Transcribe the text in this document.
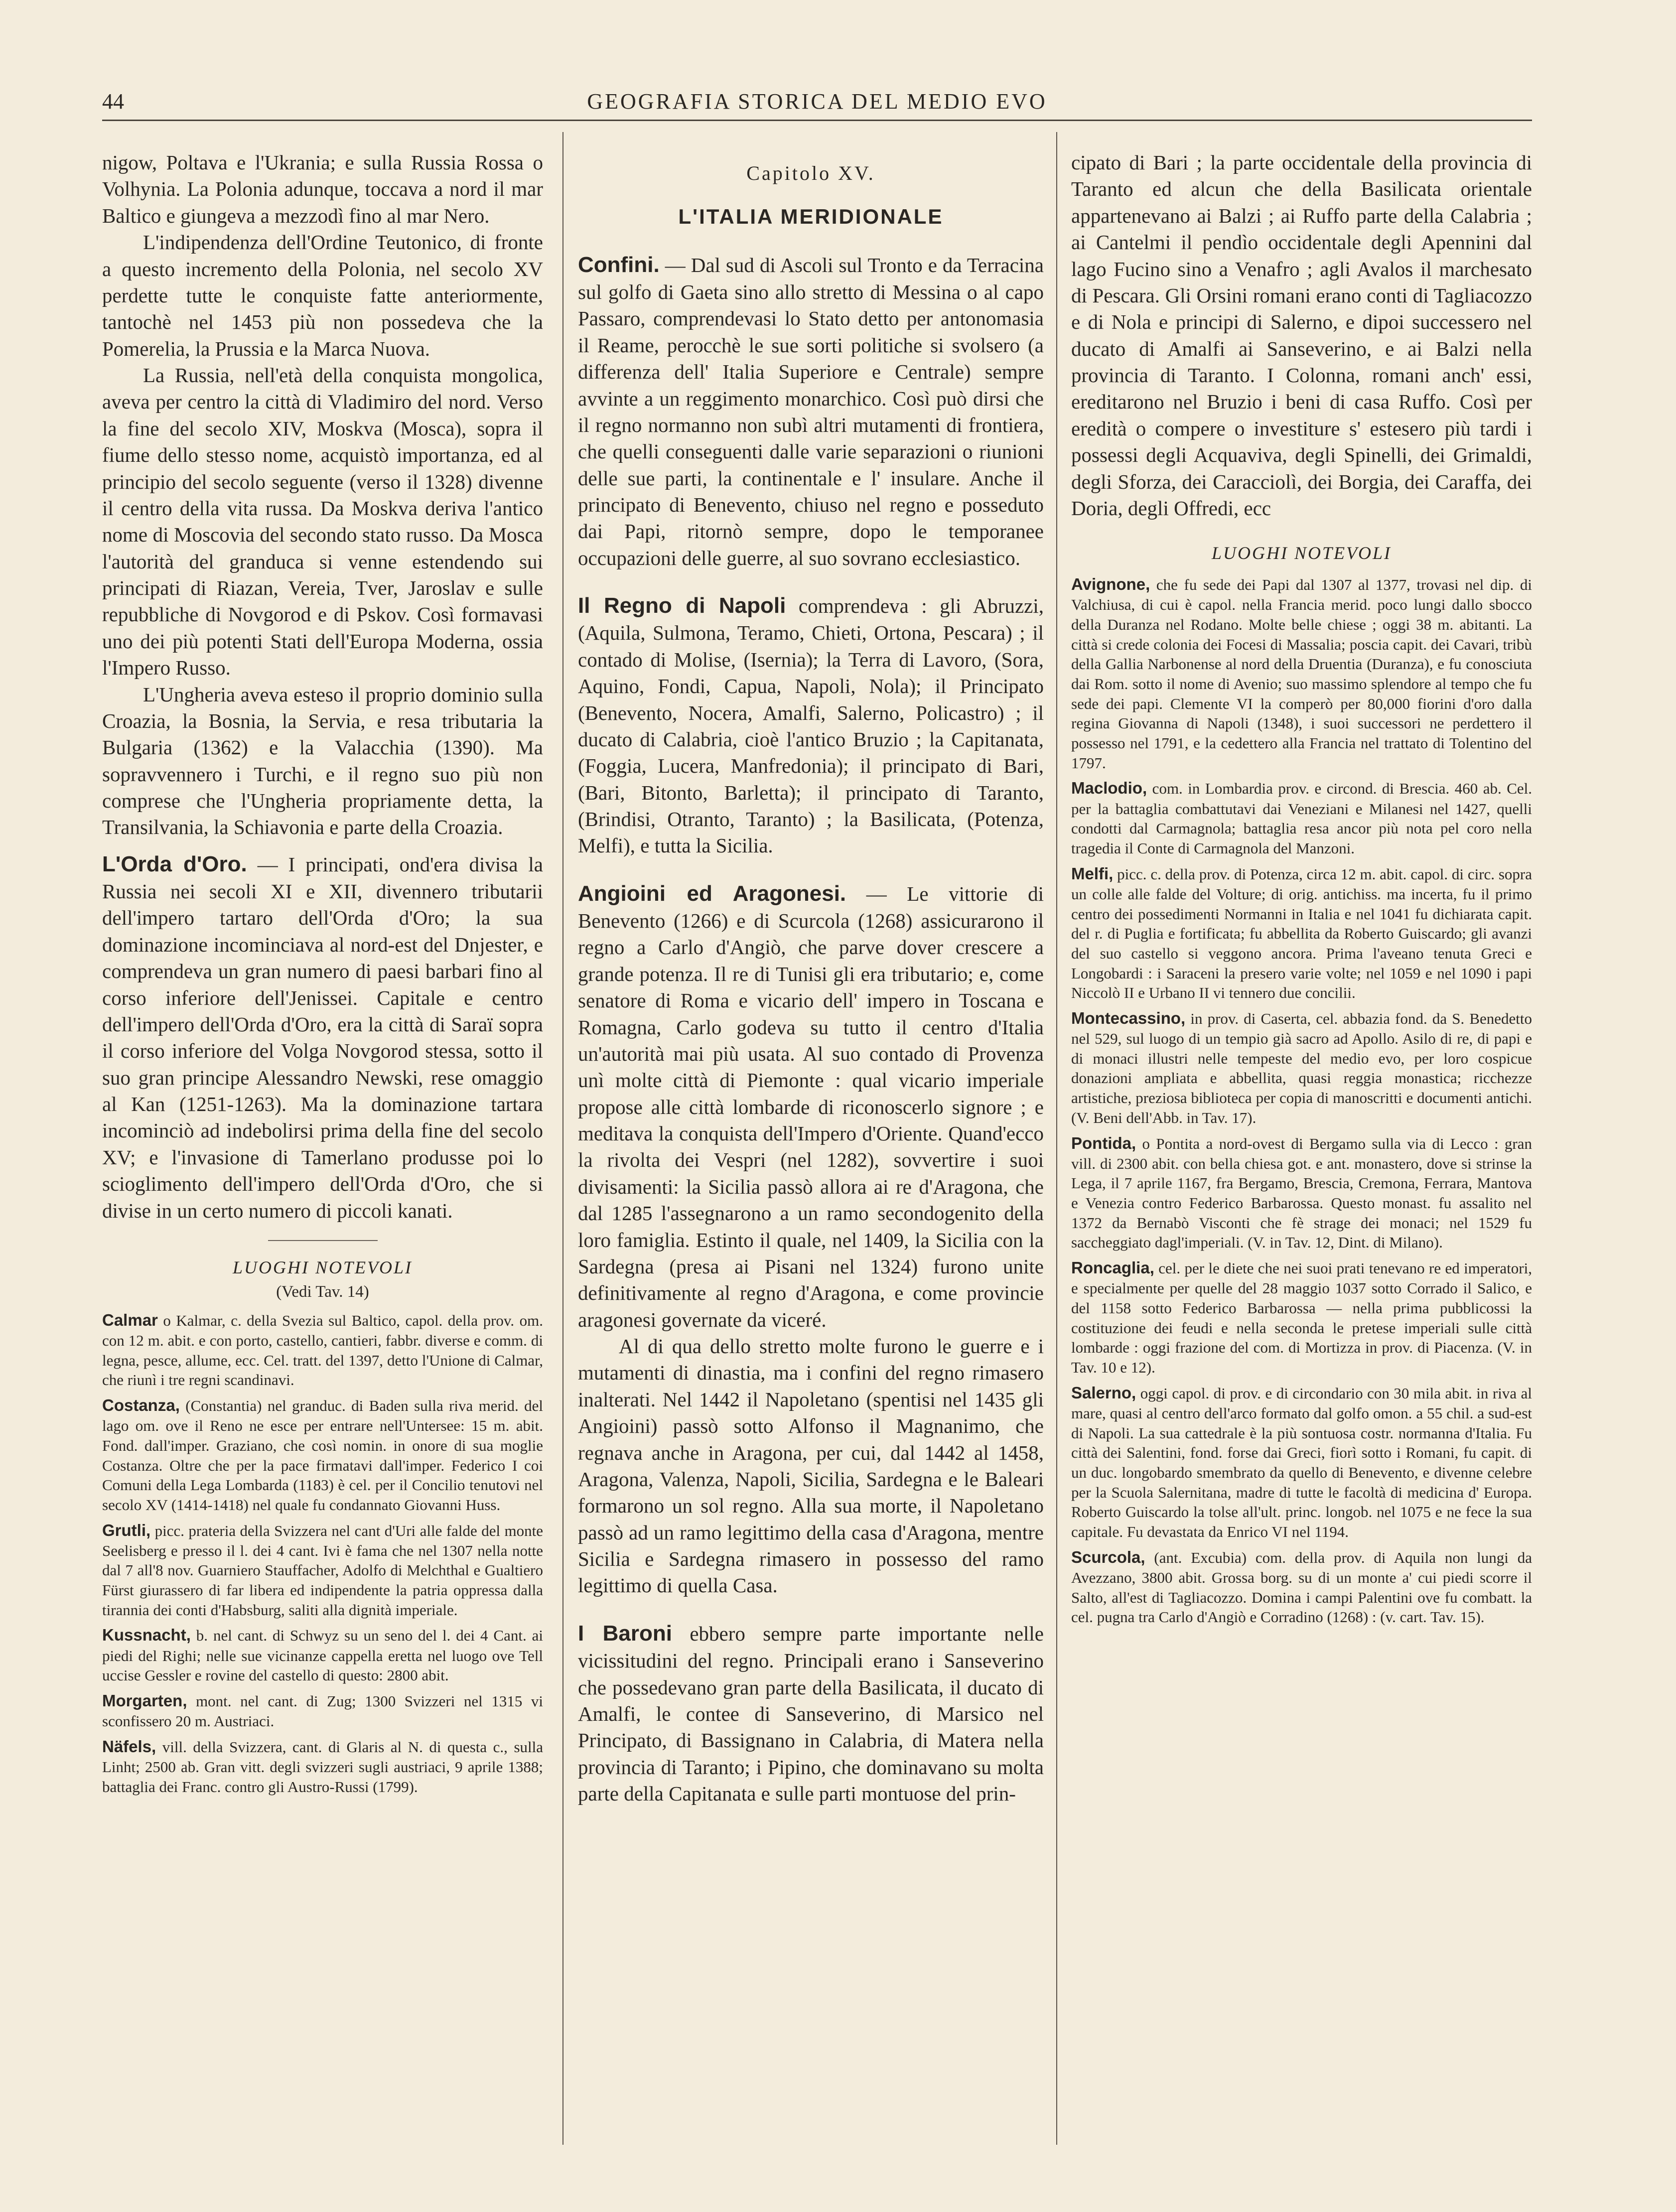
44	GEOGRAFIA STORICA DEL MEDIO EVO

nigow, Poltava e l'Ukrania; e sulla Russia Rossa o Volhynia. La Polonia adunque, toccava a nord il mar Baltico e giungeva a mezzodì fino al mar Nero.

L'indipendenza dell'Ordine Teutonico, di fronte a questo incremento della Polonia, nel secolo XV perdette tutte le conquiste fatte anteriormente, tantochè nel 1453 più non possedeva che la Pomerelia, la Prussia e la Marca Nuova.

La Russia, nell'età della conquista mongolica, aveva per centro la città di Vladimiro del nord. Verso la fine del secolo XIV, Moskva (Mosca), sopra il fiume dello stesso nome, acquistò importanza, ed al principio del secolo seguente (verso il 1328) divenne il centro della vita russa. Da Moskva deriva l'antico nome di Moscovia del secondo stato russo. Da Mosca l'autorità del granduca si venne estendendo sui principati di Riazan, Vereia, Tver, Jaroslav e sulle repubbliche di Novgorod e di Pskov. Così formavasi uno dei più potenti Stati dell'Europa Moderna, ossia l'Impero Russo.

L'Ungheria aveva esteso il proprio dominio sulla Croazia, la Bosnia, la Servia, e resa tributaria la Bulgaria (1362) e la Valacchia (1390). Ma sopravvennero i Turchi, e il regno suo più non comprese che l'Ungheria propriamente detta, la Transilvania, la Schiavonia e parte della Croazia.

L'Orda d'Oro. — I principati, ond'era divisa la Russia nei secoli XI e XII, divennero tributarii dell'impero tartaro dell'Orda d'Oro; la sua dominazione incominciava al nord-est del Dnjester, e comprendeva un gran numero di paesi barbari fino al corso inferiore dell'Jenissei. Capitale e centro dell'impero dell'Orda d'Oro, era la città di Saraï sopra il corso inferiore del Volga Novgorod stessa, sotto il suo gran principe Alessandro Newski, rese omaggio al Kan (1251-1263). Ma la dominazione tartara incominciò ad indebolirsi prima della fine del secolo XV; e l'invasione di Tamerlano produsse poi lo scioglimento dell'impero dell'Orda d'Oro, che si divise in un certo numero di piccoli kanati.

LUOGHI NOTEVOLI
(Vedi Tav. 14)

Calmar o Kalmar, c. della Svezia sul Baltico, capol. della prov. om. con 12 m. abit. e con porto, castello, cantieri, fabbr. diverse e comm. di legna, pesce, allume, ecc. Cel. tratt. del 1397, detto l'Unione di Calmar, che riunì i tre regni scandinavi.

Costanza, (Constantia) nel granduc. di Baden sulla riva merid. del lago om. ove il Reno ne esce per entrare nell'Untersee: 15 m. abit. Fond. dall'imper. Graziano, che così nomin. in onore di sua moglie Costanza. Oltre che per la pace firmatavi dall'imper. Federico I coi Comuni della Lega Lombarda (1183) è cel. per il Concilio tenutovi nel secolo XV (1414-1418) nel quale fu condannato Giovanni Huss.

Grutli, picc. prateria della Svizzera nel cant d'Uri alle falde del monte Seelisberg e presso il l. dei 4 cant. Ivi è fama che nel 1307 nella notte dal 7 all'8 nov. Guarniero Stauffacher, Adolfo di Melchthal e Gualtiero Fürst giurassero di far libera ed indipendente la patria oppressa dalla tirannia dei conti d'Habsburg, saliti alla dignità imperiale.

Kussnacht, b. nel cant. di Schwyz su un seno del l. dei 4 Cant. ai piedi del Righi; nelle sue vicinanze cappella eretta nel luogo ove Tell uccise Gessler e rovine del castello di questo: 2800 abit.

Morgarten, mont. nel cant. di Zug; 1300 Svizzeri nel 1315 vi sconfissero 20 m. Austriaci.

Näfels, vill. della Svizzera, cant. di Glaris al N. di questa c., sulla Linht; 2500 ab. Gran vitt. degli svizzeri sugli austriaci, 9 aprile 1388; battaglia dei Franc. contro gli Austro-Russi (1799).

Capitolo XV.
L'ITALIA MERIDIONALE

Confini. — Dal sud di Ascoli sul Tronto e da Terracina sul golfo di Gaeta sino allo stretto di Messina o al capo Passaro, comprendevasi lo Stato detto per antonomasia il Reame, perocchè le sue sorti politiche si svolsero (a differenza dell' Italia Superiore e Centrale) sempre avvinte a un reggimento monarchico. Così può dirsi che il regno normanno non subì altri mutamenti di frontiera, che quelli conseguenti dalle varie separazioni o riunioni delle sue parti, la continentale e l' insulare. Anche il principato di Benevento, chiuso nel regno e posseduto dai Papi, ritornò sempre, dopo le temporanee occupazioni delle guerre, al suo sovrano ecclesiastico.

Il Regno di Napoli comprendeva : gli Abruzzi, (Aquila, Sulmona, Teramo, Chieti, Ortona, Pescara) ; il contado di Molise, (Isernia); la Terra di Lavoro, (Sora, Aquino, Fondi, Capua, Napoli, Nola); il Principato (Benevento, Nocera, Amalfi, Salerno, Policastro) ; il ducato di Calabria, cioè l'antico Bruzio ; la Capitanata, (Foggia, Lucera, Manfredonia); il principato di Bari, (Bari, Bitonto, Barletta); il principato di Taranto, (Brindisi, Otranto, Taranto) ; la Basilicata, (Potenza, Melfi), e tutta la Sicilia.

Angioini ed Aragonesi. — Le vittorie di Benevento (1266) e di Scurcola (1268) assicurarono il regno a Carlo d'Angiò, che parve dover crescere a grande potenza. Il re di Tunisi gli era tributario; e, come senatore di Roma e vicario dell' impero in Toscana e Romagna, Carlo godeva su tutto il centro d'Italia un'autorità mai più usata. Al suo contado di Provenza unì molte città di Piemonte : qual vicario imperiale propose alle città lombarde di riconoscerlo signore ; e meditava la conquista dell'Impero d'Oriente. Quand'ecco la rivolta dei Vespri (nel 1282), sovvertire i suoi divisamenti: la Sicilia passò allora ai re d'Aragona, che dal 1285 l'assegnarono a un ramo secondogenito della loro famiglia. Estinto il quale, nel 1409, la Sicilia con la Sardegna (presa ai Pisani nel 1324) furono unite definitivamente al regno d'Aragona, e come provincie aragonesi governate da viceré.

Al di qua dello stretto molte furono le guerre e i mutamenti di dinastia, ma i confini del regno rimasero inalterati. Nel 1442 il Napoletano (spentisi nel 1435 gli Angioini) passò sotto Alfonso il Magnanimo, che regnava anche in Aragona, per cui, dal 1442 al 1458, Aragona, Valenza, Napoli, Sicilia, Sardegna e le Baleari formarono un sol regno. Alla sua morte, il Napoletano passò ad un ramo legittimo della casa d'Aragona, mentre Sicilia e Sardegna rimasero in possesso del ramo legittimo di quella Casa.

I Baroni ebbero sempre parte importante nelle vicissitudini del regno. Principali erano i Sanseverino che possedevano gran parte della Basilicata, il ducato di Amalfi, le contee di Sanseverino, di Marsico nel Principato, di Bassignano in Calabria, di Matera nella provincia di Taranto; i Pipino, che dominavano su molta parte della Capitanata e sulle parti montuose del prin-

cipato di Bari ; la parte occidentale della provincia di Taranto ed alcun che della Basilicata orientale appartenevano ai Balzi ; ai Ruffo parte della Calabria ; ai Cantelmi il pendìo occidentale degli Apennini dal lago Fucino sino a Venafro ; agli Avalos il marchesato di Pescara. Gli Orsini romani erano conti di Tagliacozzo e di Nola e principi di Salerno, e dipoi successero nel ducato di Amalfi ai Sanseverino, e ai Balzi nella provincia di Taranto. I Colonna, romani anch' essi, ereditarono nel Bruzio i beni di casa Ruffo. Così per eredità o compere o investiture s' estesero più tardi i possessi degli Acquaviva, degli Spinelli, dei Grimaldi, degli Sforza, dei Caracciolì, dei Borgia, dei Caraffa, dei Doria, degli Offredi, ecc

LUOGHI NOTEVOLI

Avignone, che fu sede dei Papi dal 1307 al 1377, trovasi nel dip. di Valchiusa, di cui è capol. nella Francia merid. poco lungi dallo sbocco della Duranza nel Rodano. Molte belle chiese ; oggi 38 m. abitanti. La città si crede colonia dei Focesi di Massalia; poscia capit. dei Cavari, tribù della Gallia Narbonense al nord della Druentia (Duranza), e fu conosciuta dai Rom. sotto il nome di Avenio; suo massimo splendore al tempo che fu sede dei papi. Clemente VI la comperò per 80,000 fiorini d'oro dalla regina Giovanna di Napoli (1348), i suoi successori ne perdettero il possesso nel 1791, e la cedettero alla Francia nel trattato di Tolentino del 1797.

Maclodio, com. in Lombardia prov. e circond. di Brescia. 460 ab. Cel. per la battaglia combattutavi dai Veneziani e Milanesi nel 1427, quelli condotti dal Carmagnola; battaglia resa ancor più nota pel coro nella tragedia il Conte di Carmagnola del Manzoni.

Melfi, picc. c. della prov. di Potenza, circa 12 m. abit. capol. di circ. sopra un colle alle falde del Volture; di orig. antichiss. ma incerta, fu il primo centro dei possedimenti Normanni in Italia e nel 1041 fu dichiarata capit. del r. di Puglia e fortificata; fu abbellita da Roberto Guiscardo; gli avanzi del suo castello si veggono ancora. Prima l'aveano tenuta Greci e Longobardi : i Saraceni la presero varie volte; nel 1059 e nel 1090 i papi Niccolò II e Urbano II vi tennero due concilii.

Montecassino, in prov. di Caserta, cel. abbazia fond. da S. Benedetto nel 529, sul luogo di un tempio già sacro ad Apollo. Asilo di re, di papi e di monaci illustri nelle tempeste del medio evo, per loro cospicue donazioni ampliata e abbellita, quasi reggia monastica; ricchezze artistiche, preziosa biblioteca per copia di manoscritti e documenti antichi. (V. Beni dell'Abb. in Tav. 17).

Pontida, o Pontita a nord-ovest di Bergamo sulla via di Lecco : gran vill. di 2300 abit. con bella chiesa got. e ant. monastero, dove si strinse la Lega, il 7 aprile 1167, fra Bergamo, Brescia, Cremona, Ferrara, Mantova e Venezia contro Federico Barbarossa. Questo monast. fu assalito nel 1372 da Bernabò Visconti che fè strage dei monaci; nel 1529 fu saccheggiato dagl'imperiali. (V. in Tav. 12, Dint. di Milano).

Roncaglia, cel. per le diete che nei suoi prati tenevano re ed imperatori, e specialmente per quelle del 28 maggio 1037 sotto Corrado il Salico, e del 1158 sotto Federico Barbarossa — nella prima pubblicossi la costituzione dei feudi e nella seconda le pretese imperiali sulle città lombarde : oggi frazione del com. di Mortizza in prov. di Piacenza. (V. in Tav. 10 e 12).

Salerno, oggi capol. di prov. e di circondario con 30 mila abit. in riva al mare, quasi al centro dell'arco formato dal golfo omon. a 55 chil. a sud-est di Napoli. La sua cattedrale è la più sontuosa costr. normanna d'Italia. Fu città dei Salentini, fond. forse dai Greci, fiorì sotto i Romani, fu capit. di un duc. longobardo smembrato da quello di Benevento, e divenne celebre per la Scuola Salernitana, madre di tutte le facoltà di medicina d' Europa. Roberto Guiscardo la tolse all'ult. princ. longob. nel 1075 e ne fece la sua capitale. Fu devastata da Enrico VI nel 1194.

Scurcola, (ant. Excubia) com. della prov. di Aquila non lungi da Avezzano, 3800 abit. Grossa borg. su di un monte a' cui piedi scorre il Salto, all'est di Tagliacozzo. Domina i campi Palentini ove fu combatt. la cel. pugna tra Carlo d'Angiò e Corradino (1268) : (v. cart. Tav. 15).
